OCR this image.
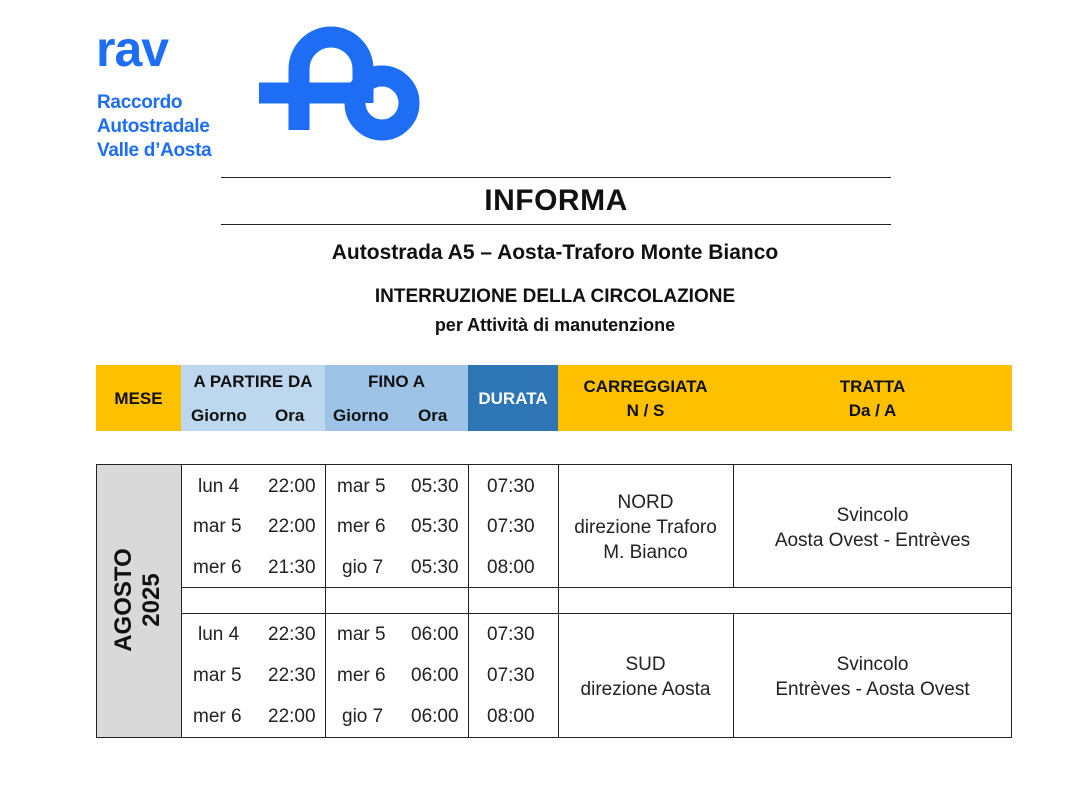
rav
Raccordo
Autostradale
Valle d’Aosta
INFORMA
Autostrada A5 – Aosta-Traforo Monte Bianco
INTERRUZIONE DELLA CIRCOLAZIONE
per Attività di manutenzione
MESE
A PARTIRE DA
Giorno Ora
FINO A
Giorno Ora
DURATA
CARREGGIATA
N / S
TRATTA
Da / A
AGOSTO 2025
lun 4 22:00 mar 5 05:30 07:30
mar 5 22:00 mer 6 05:30 07:30
mer 6 21:30 gio 7 05:30 08:00
NORD
direzione Traforo
M. Bianco
Svincolo
Aosta Ovest - Entrèves
lun 4 22:30 mar 5 06:00 07:30
mar 5 22:30 mer 6 06:00 07:30
mer 6 22:00 gio 7 06:00 08:00
SUD
direzione Aosta
Svincolo
Entrèves - Aosta Ovest
